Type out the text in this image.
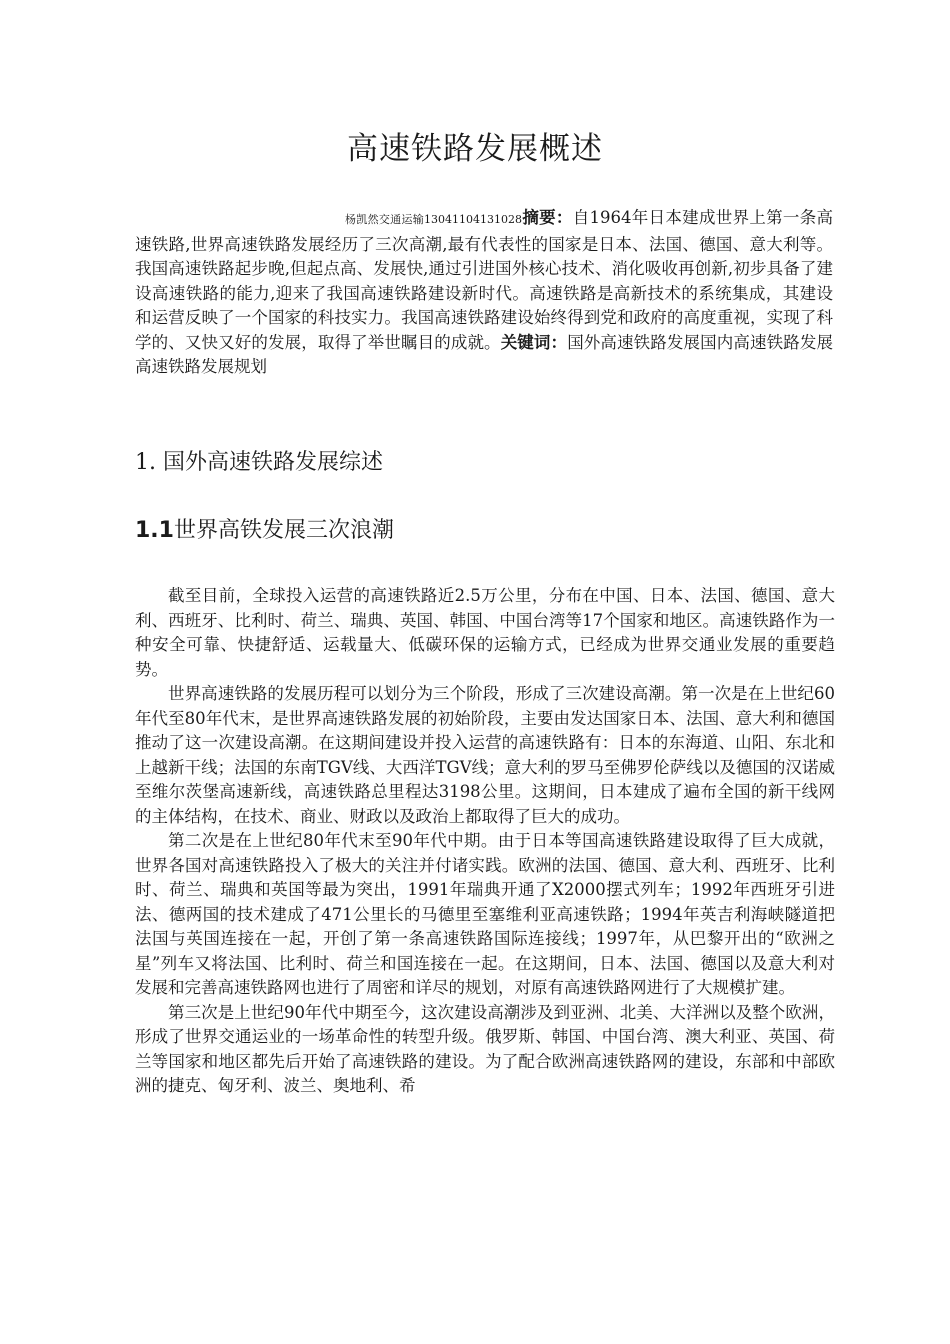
高速铁路发展概述

杨凯然交通运输13041104131028摘要：自1964年日本建成世界上第一条高速铁路,世界高速铁路发展经历了三次高潮,最有代表性的国家是日本、法国、德国、意大利等。我国高速铁路起步晚,但起点高、发展快,通过引进国外核心技术、消化吸收再创新,初步具备了建设高速铁路的能力,迎来了我国高速铁路建设新时代。高速铁路是高新技术的系统集成，其建设和运营反映了一个国家的科技实力。我国高速铁路建设始终得到党和政府的高度重视，实现了科学的、又快又好的发展，取得了举世瞩目的成就。关键词：国外高速铁路发展国内高速铁路发展高速铁路发展规划

1. 国外高速铁路发展综述
1.1世界高铁发展三次浪潮

截至目前，全球投入运营的高速铁路近2.5万公里，分布在中国、日本、法国、德国、意大利、西班牙、比利时、荷兰、瑞典、英国、韩国、中国台湾等17个国家和地区。高速铁路作为一种安全可靠、快捷舒适、运载量大、低碳环保的运输方式，已经成为世界交通业发展的重要趋势。

世界高速铁路的发展历程可以划分为三个阶段，形成了三次建设高潮。第一次是在上世纪60年代至80年代末，是世界高速铁路发展的初始阶段，主要由发达国家日本、法国、意大利和德国推动了这一次建设高潮。在这期间建设并投入运营的高速铁路有：日本的东海道、山阳、东北和上越新干线；法国的东南TGV线、大西洋TGV线；意大利的罗马至佛罗伦萨线以及德国的汉诺威至维尔茨堡高速新线，高速铁路总里程达3198公里。这期间，日本建成了遍布全国的新干线网的主体结构，在技术、商业、财政以及政治上都取得了巨大的成功。

第二次是在上世纪80年代末至90年代中期。由于日本等国高速铁路建设取得了巨大成就，世界各国对高速铁路投入了极大的关注并付诸实践。欧洲的法国、德国、意大利、西班牙、比利时、荷兰、瑞典和英国等最为突出，1991年瑞典开通了X2000摆式列车；1992年西班牙引进法、德两国的技术建成了471公里长的马德里至塞维利亚高速铁路；1994年英吉利海峡隧道把法国与英国连接在一起，开创了第一条高速铁路国际连接线；1997年，从巴黎开出的“欧洲之星”列车又将法国、比利时、荷兰和国连接在一起。在这期间，日本、法国、德国以及意大利对发展和完善高速铁路网也进行了周密和详尽的规划，对原有高速铁路网进行了大规模扩建。

第三次是上世纪90年代中期至今，这次建设高潮涉及到亚洲、北美、大洋洲以及整个欧洲，形成了世界交通运业的一场革命性的转型升级。俄罗斯、韩国、中国台湾、澳大利亚、英国、荷兰等国家和地区都先后开始了高速铁路的建设。为了配合欧洲高速铁路网的建设，东部和中部欧洲的捷克、匈牙利、波兰、奥地利、希
